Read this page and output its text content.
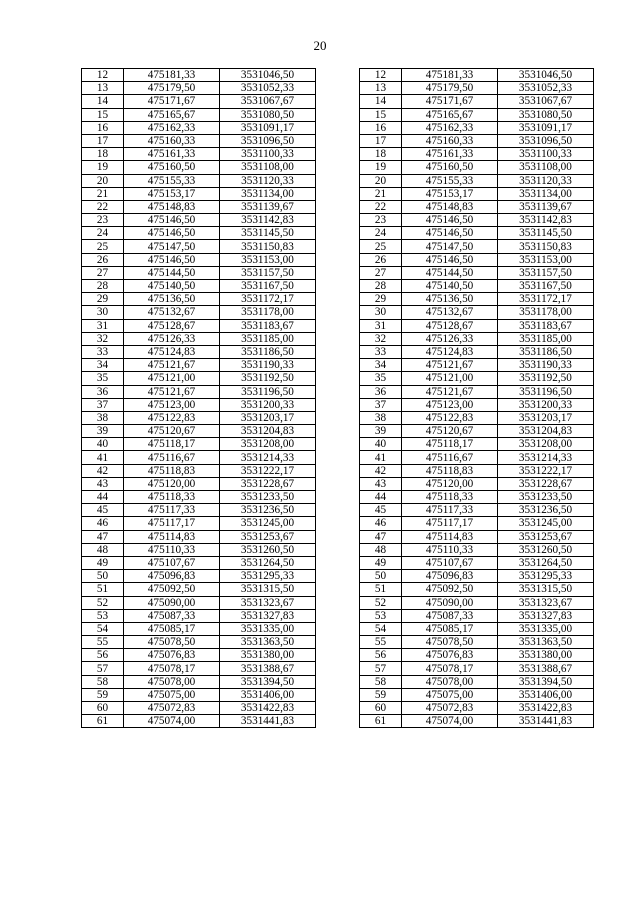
20
12	475181,33	3531046,50		12	475181,33	3531046,50
13	475179,50	3531052,33		13	475179,50	3531052,33
14	475171,67	3531067,67		14	475171,67	3531067,67
15	475165,67	3531080,50		15	475165,67	3531080,50
16	475162,33	3531091,17		16	475162,33	3531091,17
17	475160,33	3531096,50		17	475160,33	3531096,50
18	475161,33	3531100,33		18	475161,33	3531100,33
19	475160,50	3531108,00		19	475160,50	3531108,00
20	475155,33	3531120,33		20	475155,33	3531120,33
21	475153,17	3531134,00		21	475153,17	3531134,00
22	475148,83	3531139,67		22	475148,83	3531139,67
23	475146,50	3531142,83		23	475146,50	3531142,83
24	475146,50	3531145,50		24	475146,50	3531145,50
25	475147,50	3531150,83		25	475147,50	3531150,83
26	475146,50	3531153,00		26	475146,50	3531153,00
27	475144,50	3531157,50		27	475144,50	3531157,50
28	475140,50	3531167,50		28	475140,50	3531167,50
29	475136,50	3531172,17		29	475136,50	3531172,17
30	475132,67	3531178,00		30	475132,67	3531178,00
31	475128,67	3531183,67		31	475128,67	3531183,67
32	475126,33	3531185,00		32	475126,33	3531185,00
33	475124,83	3531186,50		33	475124,83	3531186,50
34	475121,67	3531190,33		34	475121,67	3531190,33
35	475121,00	3531192,50		35	475121,00	3531192,50
36	475121,67	3531196,50		36	475121,67	3531196,50
37	475123,00	3531200,33		37	475123,00	3531200,33
38	475122,83	3531203,17		38	475122,83	3531203,17
39	475120,67	3531204,83		39	475120,67	3531204,83
40	475118,17	3531208,00		40	475118,17	3531208,00
41	475116,67	3531214,33		41	475116,67	3531214,33
42	475118,83	3531222,17		42	475118,83	3531222,17
43	475120,00	3531228,67		43	475120,00	3531228,67
44	475118,33	3531233,50		44	475118,33	3531233,50
45	475117,33	3531236,50		45	475117,33	3531236,50
46	475117,17	3531245,00		46	475117,17	3531245,00
47	475114,83	3531253,67		47	475114,83	3531253,67
48	475110,33	3531260,50		48	475110,33	3531260,50
49	475107,67	3531264,50		49	475107,67	3531264,50
50	475096,83	3531295,33		50	475096,83	3531295,33
51	475092,50	3531315,50		51	475092,50	3531315,50
52	475090,00	3531323,67		52	475090,00	3531323,67
53	475087,33	3531327,83		53	475087,33	3531327,83
54	475085,17	3531335,00		54	475085,17	3531335,00
55	475078,50	3531363,50		55	475078,50	3531363,50
56	475076,83	3531380,00		56	475076,83	3531380,00
57	475078,17	3531388,67		57	475078,17	3531388,67
58	475078,00	3531394,50		58	475078,00	3531394,50
59	475075,00	3531406,00		59	475075,00	3531406,00
60	475072,83	3531422,83		60	475072,83	3531422,83
61	475074,00	3531441,83		61	475074,00	3531441,83
